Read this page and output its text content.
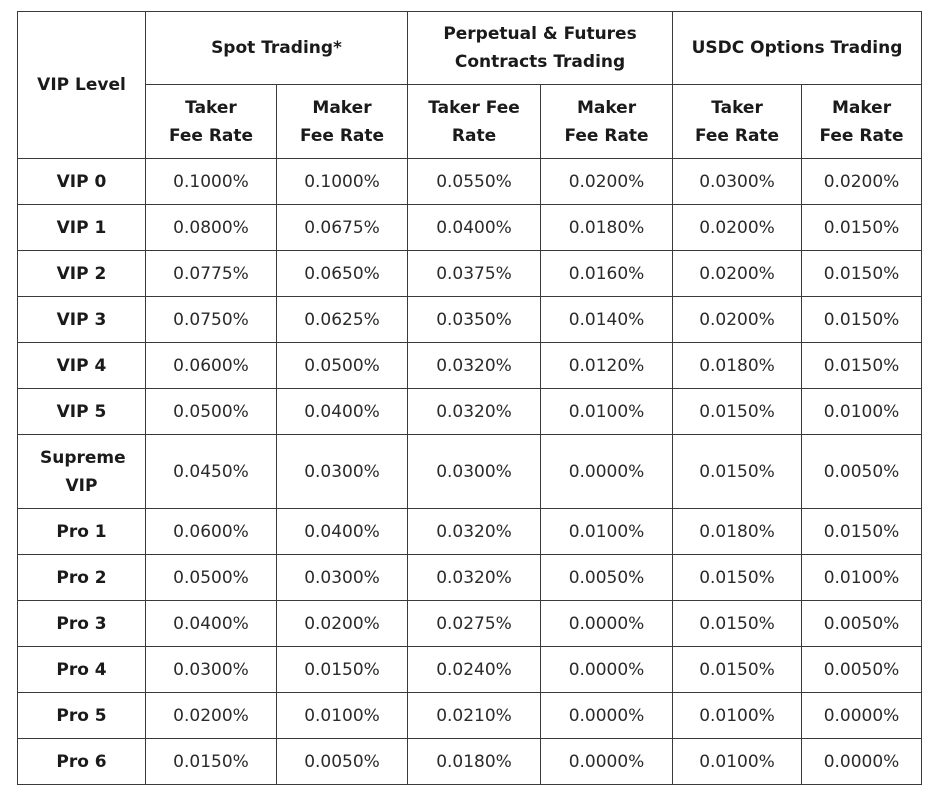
VIP Level	Spot Trading*		Perpetual & Futures Contracts Trading		USDC Options Trading	
	Taker Fee Rate	Maker Fee Rate	Taker Fee Rate	Maker Fee Rate	Taker Fee Rate	Maker Fee Rate
VIP 0	0.1000%	0.1000%	0.0550%	0.0200%	0.0300%	0.0200%
VIP 1	0.0800%	0.0675%	0.0400%	0.0180%	0.0200%	0.0150%
VIP 2	0.0775%	0.0650%	0.0375%	0.0160%	0.0200%	0.0150%
VIP 3	0.0750%	0.0625%	0.0350%	0.0140%	0.0200%	0.0150%
VIP 4	0.0600%	0.0500%	0.0320%	0.0120%	0.0180%	0.0150%
VIP 5	0.0500%	0.0400%	0.0320%	0.0100%	0.0150%	0.0100%
Supreme VIP	0.0450%	0.0300%	0.0300%	0.0000%	0.0150%	0.0050%
Pro 1	0.0600%	0.0400%	0.0320%	0.0100%	0.0180%	0.0150%
Pro 2	0.0500%	0.0300%	0.0320%	0.0050%	0.0150%	0.0100%
Pro 3	0.0400%	0.0200%	0.0275%	0.0000%	0.0150%	0.0050%
Pro 4	0.0300%	0.0150%	0.0240%	0.0000%	0.0150%	0.0050%
Pro 5	0.0200%	0.0100%	0.0210%	0.0000%	0.0100%	0.0000%
Pro 6	0.0150%	0.0050%	0.0180%	0.0000%	0.0100%	0.0000%
